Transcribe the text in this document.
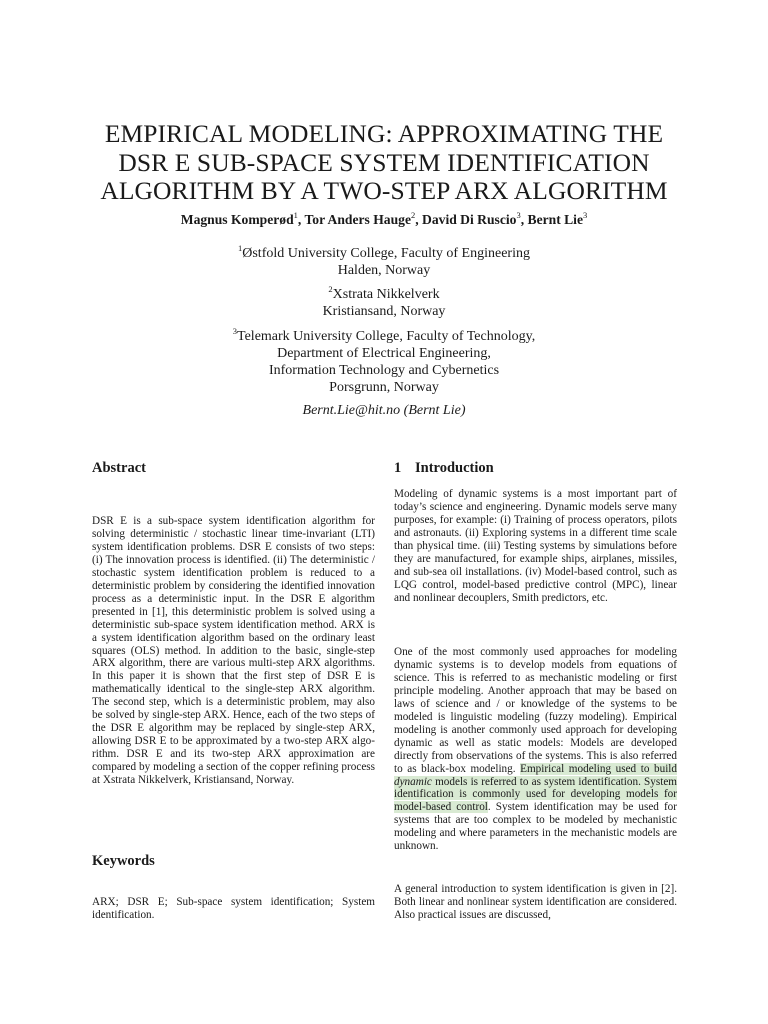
EMPIRICAL MODELING: APPROXIMATING THE
DSR E SUB-SPACE SYSTEM IDENTIFICATION
ALGORITHM BY A TWO-STEP ARX ALGORITHM
Magnus Komperød$^1$, Tor Anders Hauge$^2$, David Di Ruscio$^3$, Bernt Lie$^3$
$^1$Østfold University College, Faculty of Engineering
Halden, Norway
$^2$Xstrata Nikkelverk
Kristiansand, Norway
$^3$Telemark University College, Faculty of Technology,
Department of Electrical Engineering,
Information Technology and Cybernetics
Porsgrunn, Norway
Bernt.Lie@hit.no (Bernt Lie)
Abstract

DSR E is a sub-space system identification algorithm for solving deterministic / stochastic linear time-invariant (LTI) system identification problems. DSR E consists of two steps: (i) The innovation process is identified. (ii) The deterministic / stochastic system identification problem is reduced to a deterministic problem by considering the identified innovation process as a deterministic input. In the DSR E algorithm presented in [1], this deterministic problem is solved using a deterministic sub-space system identification method. ARX is a system identification algorithm based on the ordinary least squares (OLS) method. In addition to the basic, single-step ARX algorithm, there are various multi-step ARX algorithms. In this paper it is shown that the first step of DSR E is mathematically identical to the single-step ARX algorithm. The second step, which is a deterministic problem, may also be solved by single-step ARX. Hence, each of the two steps of the DSR E algorithm may be replaced by single-step ARX, allowing DSR E to be approximated by a two-step ARX algorithm. DSR E and its two-step ARX approximation are compared by modeling a section of the copper refining process at Xstrata Nikkelverk, Kristiansand, Norway.

Keywords

ARX; DSR E; Sub-space system identification; System identification.

1 Introduction

Modeling of dynamic systems is a most important part of today’s science and engineering. Dynamic models serve many purposes, for example: (i) Training of process operators, pilots and astronauts. (ii) Exploring systems in a different time scale than physical time. (iii) Testing systems by simulations before they are manufactured, for example ships, airplanes, missiles, and sub-sea oil installations. (iv) Model-based control, such as LQG control, model-based predictive control (MPC), linear and nonlinear decouplers, Smith predictors, etc.

One of the most commonly used approaches for modeling dynamic systems is to develop models from equations of science. This is referred to as mechanistic modeling or first principle modeling. Another approach that may be based on laws of science and / or knowledge of the systems to be modeled is linguistic modeling (fuzzy modeling). Empirical modeling is another commonly used approach for developing dynamic as well as static models: Models are developed directly from observations of the systems. This is also referred to as black-box modeling. Empirical modeling used to build dynamic models is referred to as system identification. System identification is commonly used for developing models for model-based control. System identification may be used for systems that are too complex to be modeled by mechanistic modeling and where parameters in the mechanistic models are unknown.

A general introduction to system identification is given in [2]. Both linear and nonlinear system identification are considered. Also practical issues are discussed,
